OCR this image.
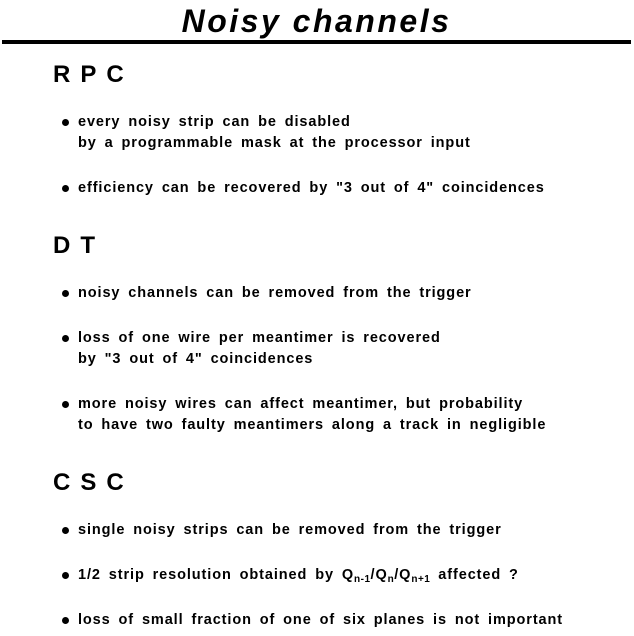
Noisy channels
RPC
every noisy strip can be disabled
by a programmable mask at the processor input
efficiency can be recovered by "3 out of 4" coincidences
DT
noisy channels can be removed from the trigger
loss of one wire per meantimer is recovered
by "3 out of 4" coincidences
more noisy wires can affect meantimer, but probability
to have two faulty meantimers along a track in negligible
CSC
single noisy strips can be removed from the trigger
1/2 strip resolution obtained by $Q_{n-1}/Q_n/Q_{n+1}$ affected ?
loss of small fraction of one of six planes is not important
